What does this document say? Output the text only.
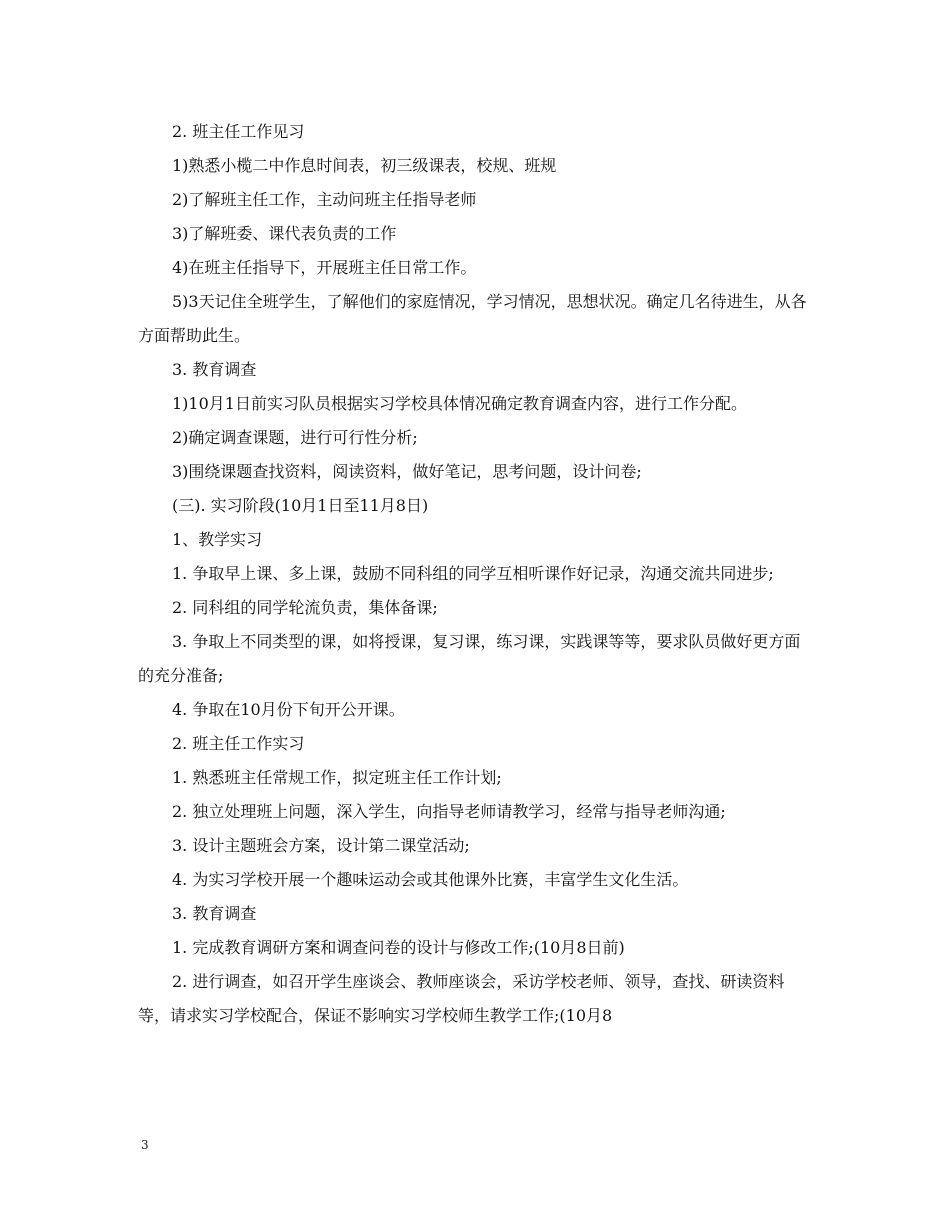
2. 班主任工作见习

1)熟悉小榄二中作息时间表，初三级课表，校规、班规

2)了解班主任工作，主动问班主任指导老师

3)了解班委、课代表负责的工作

4)在班主任指导下，开展班主任日常工作。

5)3天记住全班学生，了解他们的家庭情况，学习情况，思想状况。确定几名待进生，从各方面帮助此生。

3. 教育调查

1)10月1日前实习队员根据实习学校具体情况确定教育调查内容，进行工作分配。

2)确定调查课题，进行可行性分析;

3)围绕课题查找资料，阅读资料，做好笔记，思考问题，设计问卷;

(三). 实习阶段(10月1日至11月8日)

1、教学实习

1. 争取早上课、多上课，鼓励不同科组的同学互相听课作好记录，沟通交流共同进步;

2. 同科组的同学轮流负责，集体备课;

3. 争取上不同类型的课，如将授课，复习课，练习课，实践课等等，要求队员做好更方面的充分准备;

4. 争取在10月份下旬开公开课。

2. 班主任工作实习

1. 熟悉班主任常规工作，拟定班主任工作计划;

2. 独立处理班上问题，深入学生，向指导老师请教学习，经常与指导老师沟通;

3. 设计主题班会方案，设计第二课堂活动;

4. 为实习学校开展一个趣味运动会或其他课外比赛，丰富学生文化生活。

3. 教育调查

1. 完成教育调研方案和调查问卷的设计与修改工作;(10月8日前)

2. 进行调查，如召开学生座谈会、教师座谈会，采访学校老师、领导，查找、研读资料等，请求实习学校配合，保证不影响实习学校师生教学工作;(10月8

3
